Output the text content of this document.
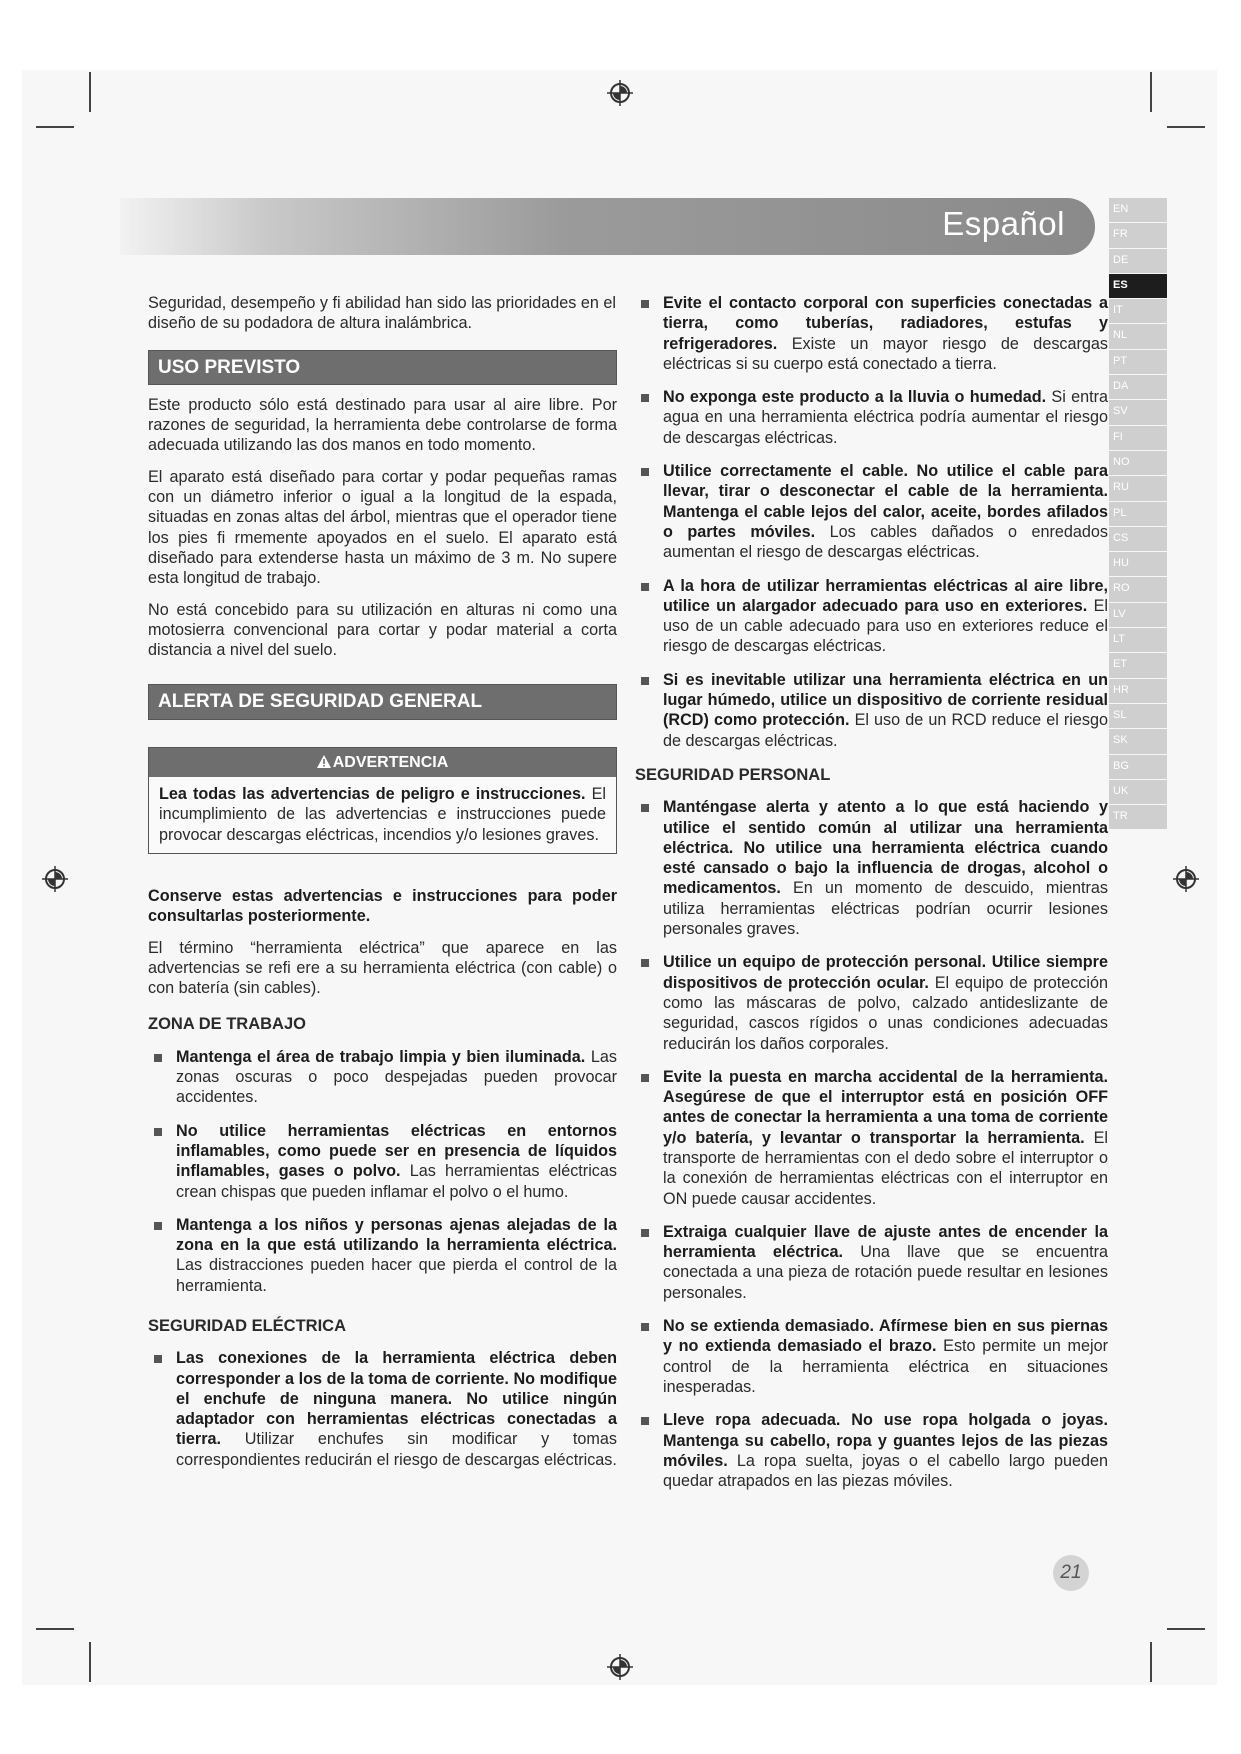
Español	EN
FR
DE
ES
IT
NL
PT
DA
SV
FI
NO
RU
PL
CS
HU
RO
LV
LT
ET
HR
SL
SK
BG
UK
TR

Seguridad, desempeño y fi abilidad han sido las prioridades en el diseño de su podadora de altura inalámbrica.

USO PREVISTO

Este producto sólo está destinado para usar al aire libre. Por razones de seguridad, la herramienta debe controlarse de forma adecuada utilizando las dos manos en todo momento.

El aparato está diseñado para cortar y podar pequeñas ramas con un diámetro inferior o igual a la longitud de la espada, situadas en zonas altas del árbol, mientras que el operador tiene los pies fi rmemente apoyados en el suelo. El aparato está diseñado para extenderse hasta un máximo de 3 m. No supere esta longitud de trabajo.

No está concebido para su utilización en alturas ni como una motosierra convencional para cortar y podar material a corta distancia a nivel del suelo.

ALERTA DE SEGURIDAD GENERAL
ADVERTENCIA

Lea todas las advertencias de peligro e instrucciones. El incumplimiento de las advertencias e instrucciones puede provocar descargas eléctricas, incendios y/o lesiones graves.

Conserve estas advertencias e instrucciones para poder consultarlas posteriormente.

El término “herramienta eléctrica” que aparece en las advertencias se refi ere a su herramienta eléctrica (con cable) o con batería (sin cables).

ZONA DE TRABAJO
Mantenga el área de trabajo limpia y bien iluminada. Las zonas oscuras o poco despejadas pueden provocar accidentes.
No utilice herramientas eléctricas en entornos inflamables, como puede ser en presencia de líquidos inflamables, gases o polvo. Las herramientas eléctricas crean chispas que pueden inflamar el polvo o el humo.
Mantenga a los niños y personas ajenas alejadas de la zona en la que está utilizando la herramienta eléctrica. Las distracciones pueden hacer que pierda el control de la herramienta.
SEGURIDAD ELÉCTRICA
Las conexiones de la herramienta eléctrica deben corresponder a los de la toma de corriente. No modifique el enchufe de ninguna manera. No utilice ningún adaptador con herramientas eléctricas conectadas a tierra. Utilizar enchufes sin modificar y tomas correspondientes reducirán el riesgo de descargas eléctricas.
Evite el contacto corporal con superficies conectadas a tierra, como tuberías, radiadores, estufas y refrigeradores. Existe un mayor riesgo de descargas eléctricas si su cuerpo está conectado a tierra.
No exponga este producto a la lluvia o humedad. Si entra agua en una herramienta eléctrica podría aumentar el riesgo de descargas eléctricas.
Utilice correctamente el cable. No utilice el cable para llevar, tirar o desconectar el cable de la herramienta. Mantenga el cable lejos del calor, aceite, bordes afilados o partes móviles. Los cables dañados o enredados aumentan el riesgo de descargas eléctricas.
A la hora de utilizar herramientas eléctricas al aire libre, utilice un alargador adecuado para uso en exteriores. El uso de un cable adecuado para uso en exteriores reduce el riesgo de descargas eléctricas.
Si es inevitable utilizar una herramienta eléctrica en un lugar húmedo, utilice un dispositivo de corriente residual (RCD) como protección. El uso de un RCD reduce el riesgo de descargas eléctricas.
SEGURIDAD PERSONAL
Manténgase alerta y atento a lo que está haciendo y utilice el sentido común al utilizar una herramienta eléctrica. No utilice una herramienta eléctrica cuando esté cansado o bajo la influencia de drogas, alcohol o medicamentos. En un momento de descuido, mientras utiliza herramientas eléctricas podrían ocurrir lesiones personales graves.
Utilice un equipo de protección personal. Utilice siempre dispositivos de protección ocular. El equipo de protección como las máscaras de polvo, calzado antideslizante de seguridad, cascos rígidos o unas condiciones adecuadas reducirán los daños corporales.
Evite la puesta en marcha accidental de la herramienta. Asegúrese de que el interruptor está en posición OFF antes de conectar la herramienta a una toma de corriente y/o batería, y levantar o transportar la herramienta. El transporte de herramientas con el dedo sobre el interruptor o la conexión de herramientas eléctricas con el interruptor en ON puede causar accidentes.
Extraiga cualquier llave de ajuste antes de encender la herramienta eléctrica. Una llave que se encuentra conectada a una pieza de rotación puede resultar en lesiones personales.
No se extienda demasiado. Afírmese bien en sus piernas y no extienda demasiado el brazo. Esto permite un mejor control de la herramienta eléctrica en situaciones inesperadas.
Lleve ropa adecuada. No use ropa holgada o joyas. Mantenga su cabello, ropa y guantes lejos de las piezas móviles. La ropa suelta, joyas o el cabello largo pueden quedar atrapados en las piezas móviles.
21
